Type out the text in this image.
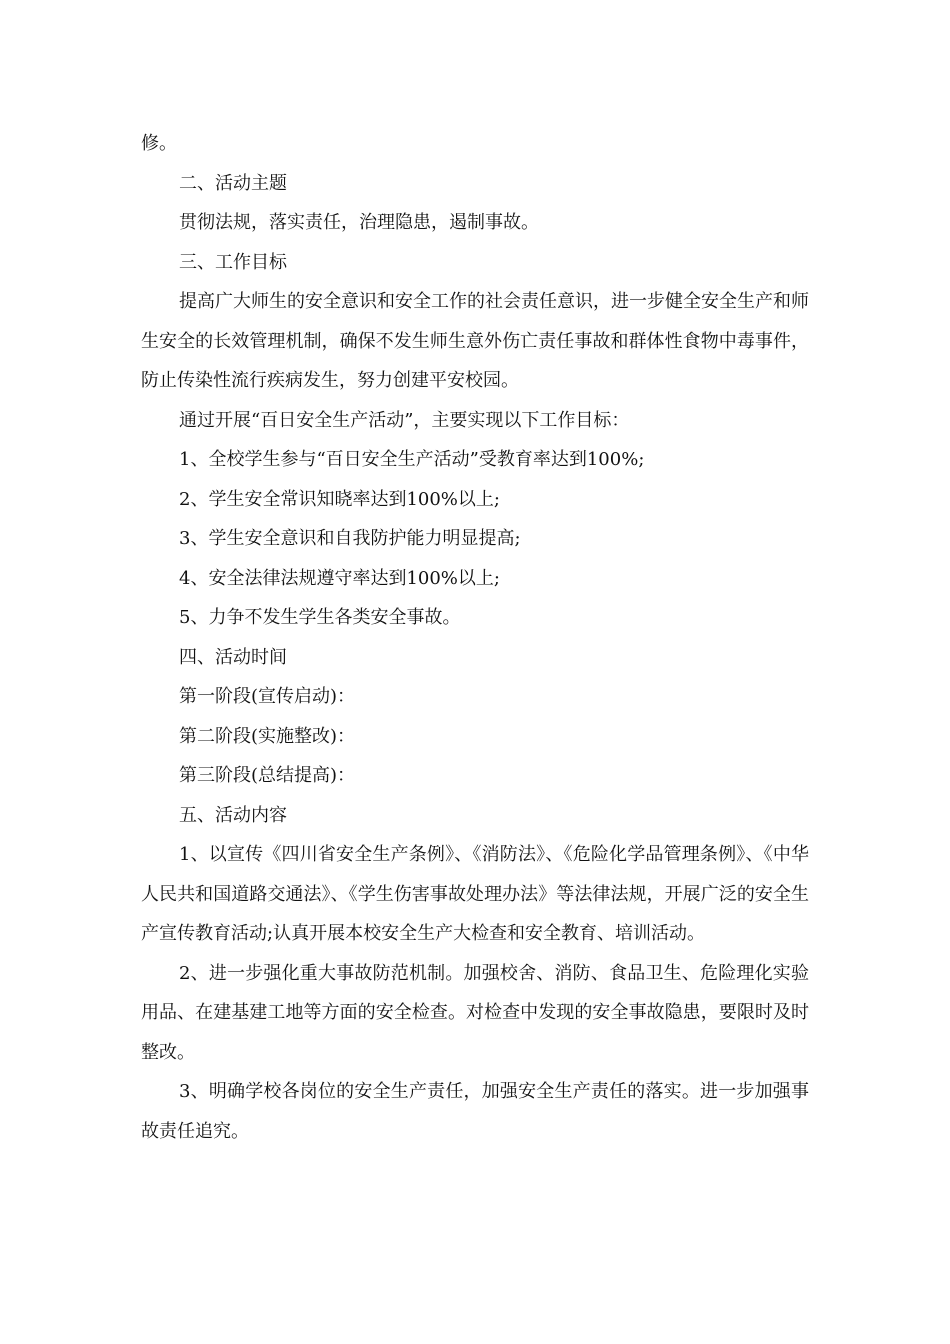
修。

二、活动主题

贯彻法规，落实责任，治理隐患，遏制事故。

三、工作目标

提高广大师生的安全意识和安全工作的社会责任意识，进一步健全安全生产和师生安全的长效管理机制，确保不发生师生意外伤亡责任事故和群体性食物中毒事件，防止传染性流行疾病发生，努力创建平安校园。

通过开展“百日安全生产活动”，主要实现以下工作目标：

1、全校学生参与“百日安全生产活动”受教育率达到100%;

2、学生安全常识知晓率达到100%以上;

3、学生安全意识和自我防护能力明显提高;

4、安全法律法规遵守率达到100%以上;

5、力争不发生学生各类安全事故。

四、活动时间

第一阶段(宣传启动)：

第二阶段(实施整改)：

第三阶段(总结提高)：

五、活动内容

1、以宣传《四川省安全生产条例》、《消防法》、《危险化学品管理条例》、《中华人民共和国道路交通法》、《学生伤害事故处理办法》等法律法规，开展广泛的安全生产宣传教育活动;认真开展本校安全生产大检查和安全教育、培训活动。

2、进一步强化重大事故防范机制。加强校舍、消防、食品卫生、危险理化实验用品、在建基建工地等方面的安全检查。对检查中发现的安全事故隐患，要限时及时整改。

3、明确学校各岗位的安全生产责任，加强安全生产责任的落实。进一步加强事故责任追究。
